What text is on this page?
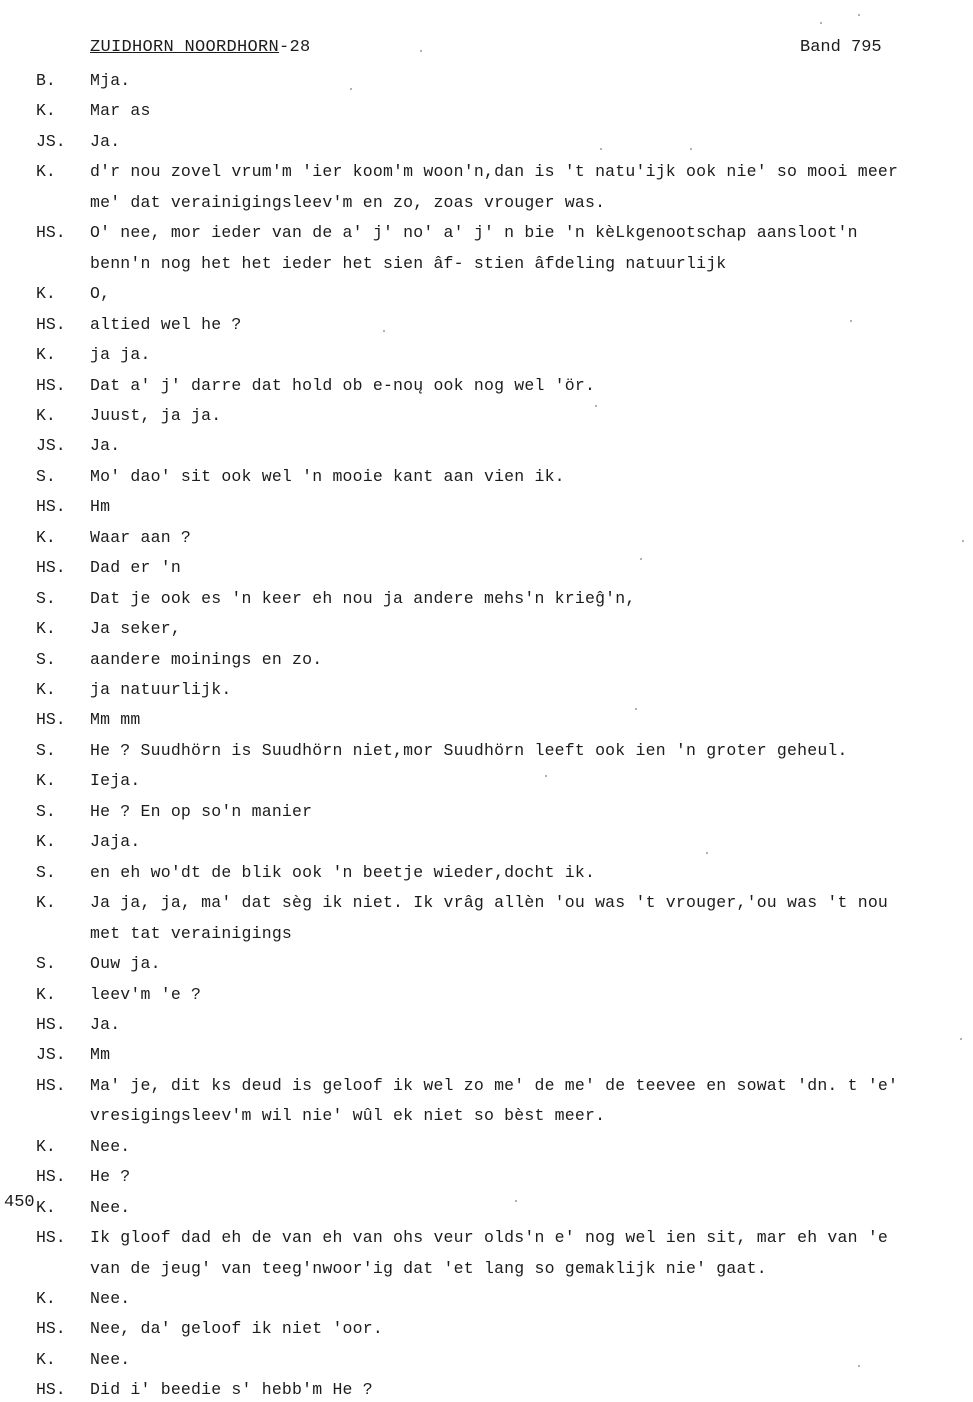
ZUIDHORN NOORDHORN-28	Band 795
450
B.	Mja.
K.	Mar as
JS.	Ja.
K.	d'r nou zovel vrum'm 'ier koom'm woon'n,dan is 't natu'ijk ook nie' so mooi meer
me' dat verainigingsleev'm en zo, zoas vrouger was.
HS.	O' nee, mor ieder van de a' j' no' a' j' n bie 'n kèLkgenootschap aansloot'n
benn'n nog het het ieder het sien âf- stien âfdeling natuurlijk
K.	O,
HS.	altied wel he ?
K.	ja ja.
HS.	Dat a' j' darre dat hold ob e-noų ook nog wel 'ör.
K.	Juust, ja ja.
JS.	Ja.
S.	Mo' dao' sit ook wel 'n mooie kant aan vien ik.
HS.	Hm
K.	Waar aan ?
HS.	Dad er 'n
S.	Dat je ook es 'n keer eh nou ja andere mehs'n krieĝ'n,
K.	Ja seker,
S.	aandere moinings en zo.
K.	ja natuurlijk.
HS.	Mm mm
S.	He ? Suudhörn is Suudhörn niet,mor Suudhörn leeft ook ien 'n groter geheul.
K.	Ieja.
S.	He ? En op so'n manier
K.	Jaja.
S.	en eh wo'dt de blik ook 'n beetje wieder,docht ik.
K.	Ja ja, ja, ma' dat sèg ik niet. Ik vrâg allèn 'ou was 't vrouger,'ou was 't nou
met tat verainigings
S.	Ouw ja.
K.	leev'm 'e ?
HS.	Ja.
JS.	Mm
HS.	Ma' je, dit ks deud is geloof ik wel zo me' de me' de teevee en sowat 'dn. t 'e'
vresigingsleev'm wil nie' wûl ek niet so bèst meer.
K.	Nee.
HS.	He ?
K.	Nee.
HS.	Ik gloof dad eh de van eh van ohs veur olds'n e' nog wel ien sit, mar eh van 'e
van de jeug' van teeg'nwoor'ig dat 'et lang so gemaklijk nie' gaat.
K.	Nee.
HS.	Nee, da' geloof ik niet 'oor.
K.	Nee.
HS.	Did i' beedie s' hebb'm He ?
